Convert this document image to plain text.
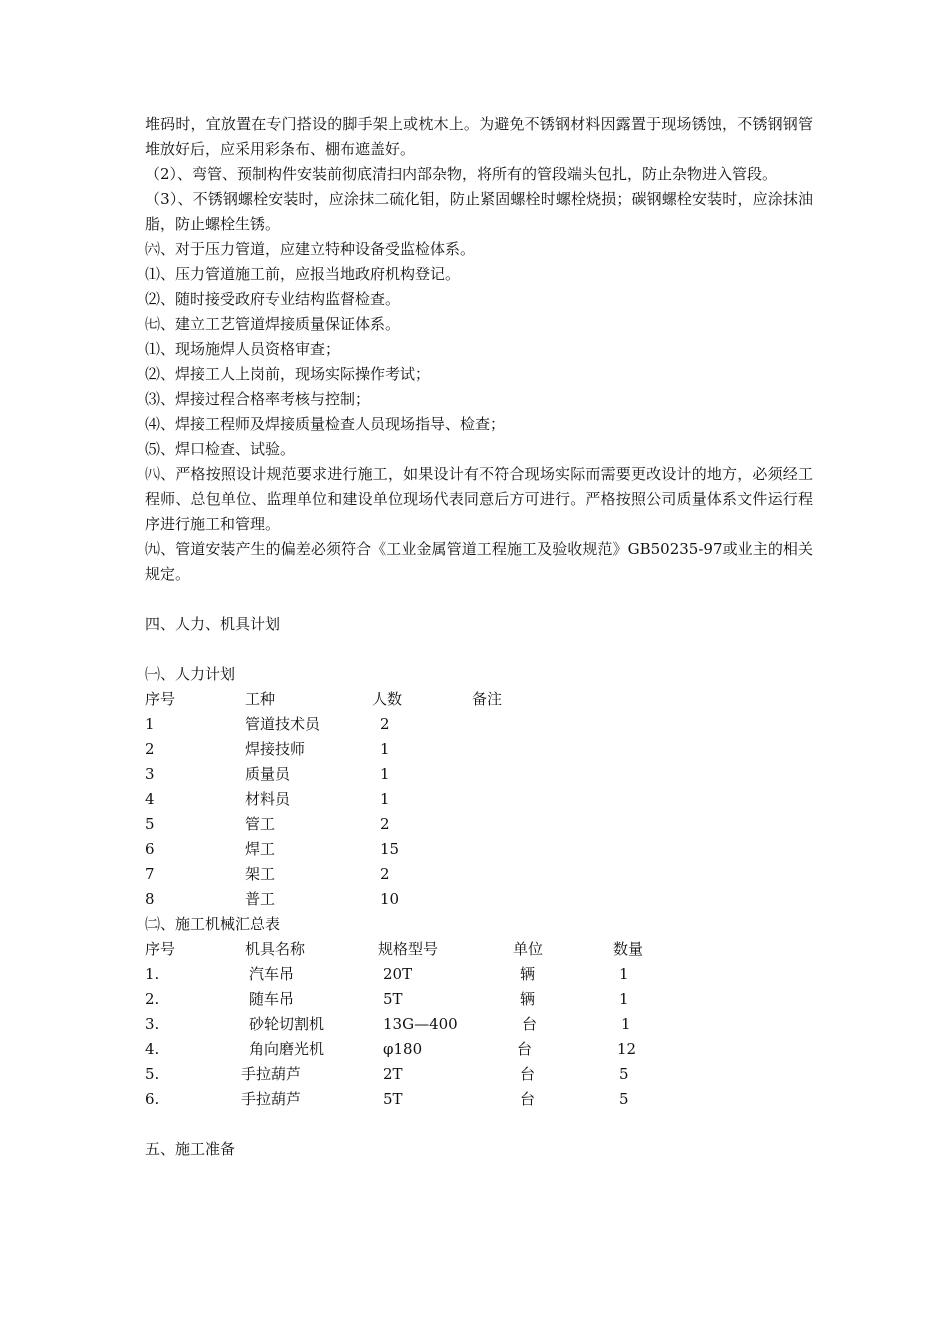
堆码时，宜放置在专门搭设的脚手架上或枕木上。为避免不锈钢材料因露置于现场锈蚀，不锈钢钢管堆放好后，应采用彩条布、棚布遮盖好。
（2）、弯管、预制构件安装前彻底清扫内部杂物，将所有的管段端头包扎，防止杂物进入管段。
（3）、不锈钢螺栓安装时，应涂抹二硫化钼，防止紧固螺栓时螺栓烧损；碳钢螺栓安装时，应涂抹油脂，防止螺栓生锈。
㈥、对于压力管道，应建立特种设备受监检体系。
⑴、压力管道施工前，应报当地政府机构登记。
⑵、随时接受政府专业结构监督检查。
㈦、建立工艺管道焊接质量保证体系。
⑴、现场施焊人员资格审查；
⑵、焊接工人上岗前，现场实际操作考试；
⑶、焊接过程合格率考核与控制；
⑷、焊接工程师及焊接质量检查人员现场指导、检查；
⑸、焊口检查、试验。
㈧、严格按照设计规范要求进行施工，如果设计有不符合现场实际而需要更改设计的地方，必须经工程师、总包单位、监理单位和建设单位现场代表同意后方可进行。严格按照公司质量体系文件运行程序进行施工和管理。
㈨、管道安装产生的偏差必须符合《工业金属管道工程施工及验收规范》GB50235-97或业主的相关规定。
四、人力、机具计划
㈠、人力计划
序号	工种	人数	备注
1	管道技术员	2
2	焊接技师	1
3	质量员	1
4	材料员	1
5	管工	2
6	焊工	15
7	架工	2
8	普工	10
㈡、施工机械汇总表
序号	机具名称	规格型号	单位	数量
1.	汽车吊	20T	辆	1
2.	随车吊	5T	辆	1
3.	砂轮切割机	13G—400	台	1
4.	角向磨光机	φ180	台	12
5.	手拉葫芦	2T	台	5
6.	手拉葫芦	5T	台	5
五、施工准备
